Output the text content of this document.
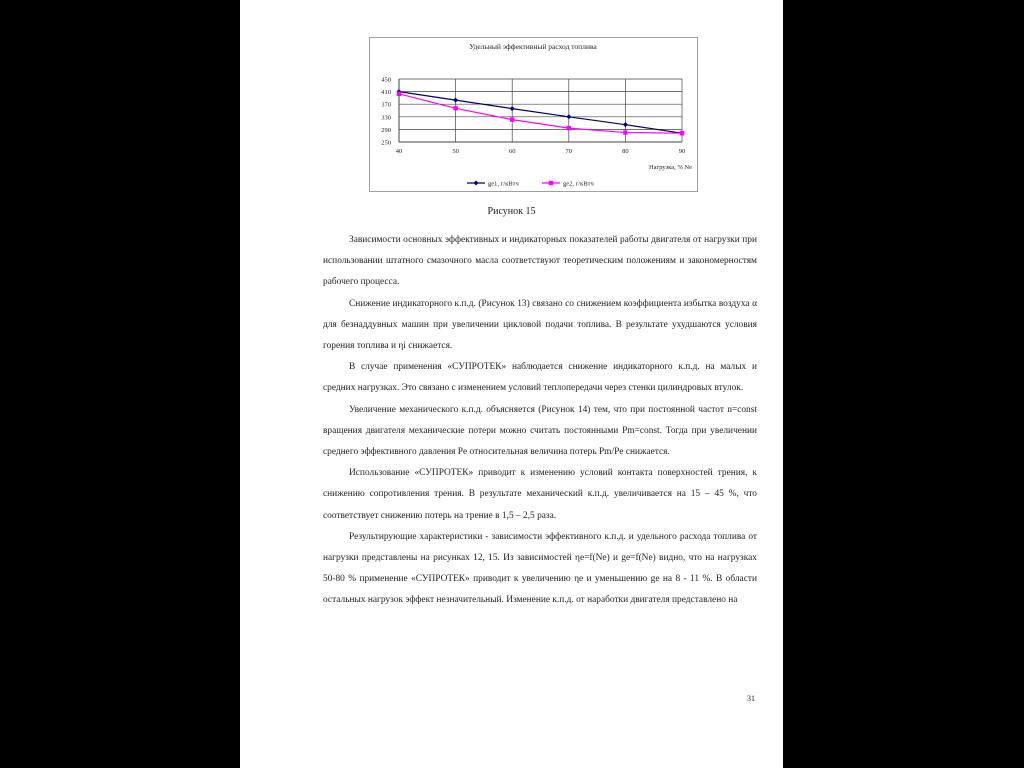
Удельный эффективный расход топлива
250
290
330
370
410
450
40	50	60	70	80	90
Нагрузка, % Ne
ge1, г/кВтч	ge2, г/кВтч
Рисунок 15

Зависимости основных эффективных и индикаторных показателей работы двигателя от нагрузки при использовании штатного смазочного масла соответствуют теоретическим положениям и закономерностям рабочего процесса.

Снижение индикаторного к.п.д. (Рисунок 13) связано со снижением коэффициента избытка воздуха α для безнаддувных машин при увеличении цикловой подачи топлива. В результате ухудшаются условия горения топлива и ηi снижается.

В случае применения «СУПРОТЕК» наблюдается снижение индикаторного к.п.д. на малых и средних нагрузках. Это связано с изменением условий теплопередачи через стенки цилиндровых втулок.

Увеличение механического к.п.д. объясняется (Рисунок 14) тем, что при постоянной частот n=const вращения двигателя механические потери можно считать постоянными Pm=const. Тогда при увеличении среднего эффективного давления Pe относительная величина потерь Pm/Pe снижается.

Использование «СУПРОТЕК» приводит к изменению условий контакта поверхностей трения, к снижению сопротивления трения. В результате механический к.п.д. увеличивается на 15 – 45 %, что соответствует снижению потерь на трение в 1,5 – 2,5 раза.

Результирующие характеристики - зависимости эффективного к.п.д. и удельного расхода топлива от нагрузки представлены на рисунках 12, 15. Из зависимостей ηe=f(Ne) и ge=f(Ne) видно, что на нагрузках 50-80 % применение «СУПРОТЕК» приводит к увеличению ηe и уменьшению ge на 8 - 11 %. В области остальных нагрузок эффект незначительный. Изменение к.п.д. от наработки двигателя представлено на

31
